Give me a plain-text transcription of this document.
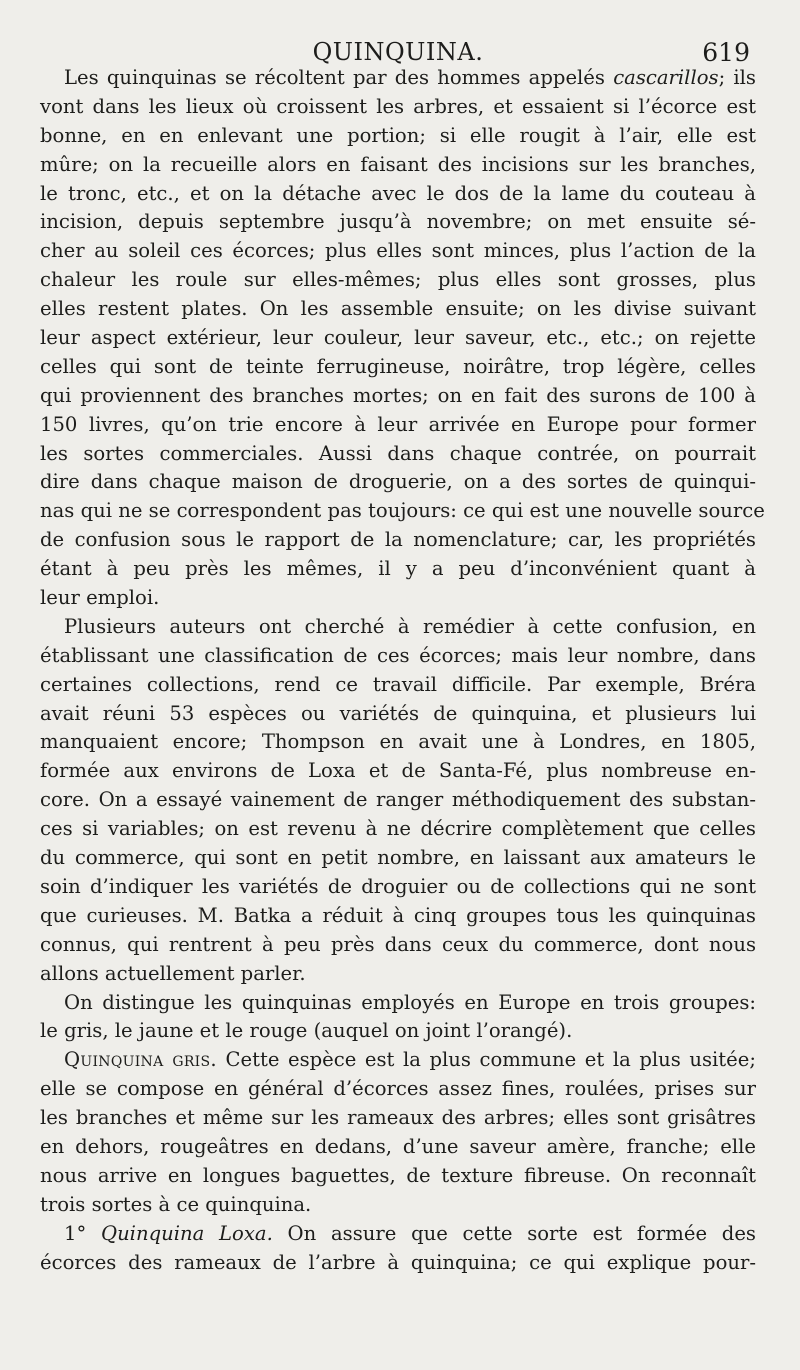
QUINQUINA.	619
Les quinquinas se récoltent par des hommes appelés cascarillos; ils
vont dans les lieux où croissent les arbres, et essaient si l’écorce est
bonne, en en enlevant une portion; si elle rougit à l’air, elle est
mûre; on la recueille alors en faisant des incisions sur les branches,
le tronc, etc., et on la détache avec le dos de la lame du couteau à
incision, depuis septembre jusqu’à novembre; on met ensuite sé-
cher au soleil ces écorces; plus elles sont minces, plus l’action de la
chaleur les roule sur elles-mêmes; plus elles sont grosses, plus
elles restent plates. On les assemble ensuite; on les divise suivant
leur aspect extérieur, leur couleur, leur saveur, etc., etc.; on rejette
celles qui sont de teinte ferrugineuse, noirâtre, trop légère, celles
qui proviennent des branches mortes; on en fait des surons de 100 à
150 livres, qu’on trie encore à leur arrivée en Europe pour former
les sortes commerciales. Aussi dans chaque contrée, on pourrait
dire dans chaque maison de droguerie, on a des sortes de quinqui-
nas qui ne se correspondent pas toujours: ce qui est une nouvelle source
de confusion sous le rapport de la nomenclature; car, les propriétés
étant à peu près les mêmes, il y a peu d’inconvénient quant à
leur emploi.
Plusieurs auteurs ont cherché à remédier à cette confusion, en
établissant une classification de ces écorces; mais leur nombre, dans
certaines collections, rend ce travail difficile. Par exemple, Bréra
avait réuni 53 espèces ou variétés de quinquina, et plusieurs lui
manquaient encore; Thompson en avait une à Londres, en 1805,
formée aux environs de Loxa et de Santa-Fé, plus nombreuse en-
core. On a essayé vainement de ranger méthodiquement des substan-
ces si variables; on est revenu à ne décrire complètement que celles
du commerce, qui sont en petit nombre, en laissant aux amateurs le
soin d’indiquer les variétés de droguier ou de collections qui ne sont
que curieuses. M. Batka a réduit à cinq groupes tous les quinquinas
connus, qui rentrent à peu près dans ceux du commerce, dont nous
allons actuellement parler.
On distingue les quinquinas employés en Europe en trois groupes:
le gris, le jaune et le rouge (auquel on joint l’orangé).
Quinquina gris. Cette espèce est la plus commune et la plus usitée;
elle se compose en général d’écorces assez fines, roulées, prises sur
les branches et même sur les rameaux des arbres; elles sont grisâtres
en dehors, rougeâtres en dedans, d’une saveur amère, franche; elle
nous arrive en longues baguettes, de texture fibreuse. On reconnaît
trois sortes à ce quinquina.
1° Quinquina Loxa. On assure que cette sorte est formée des
écorces des rameaux de l’arbre à quinquina; ce qui explique pour-
